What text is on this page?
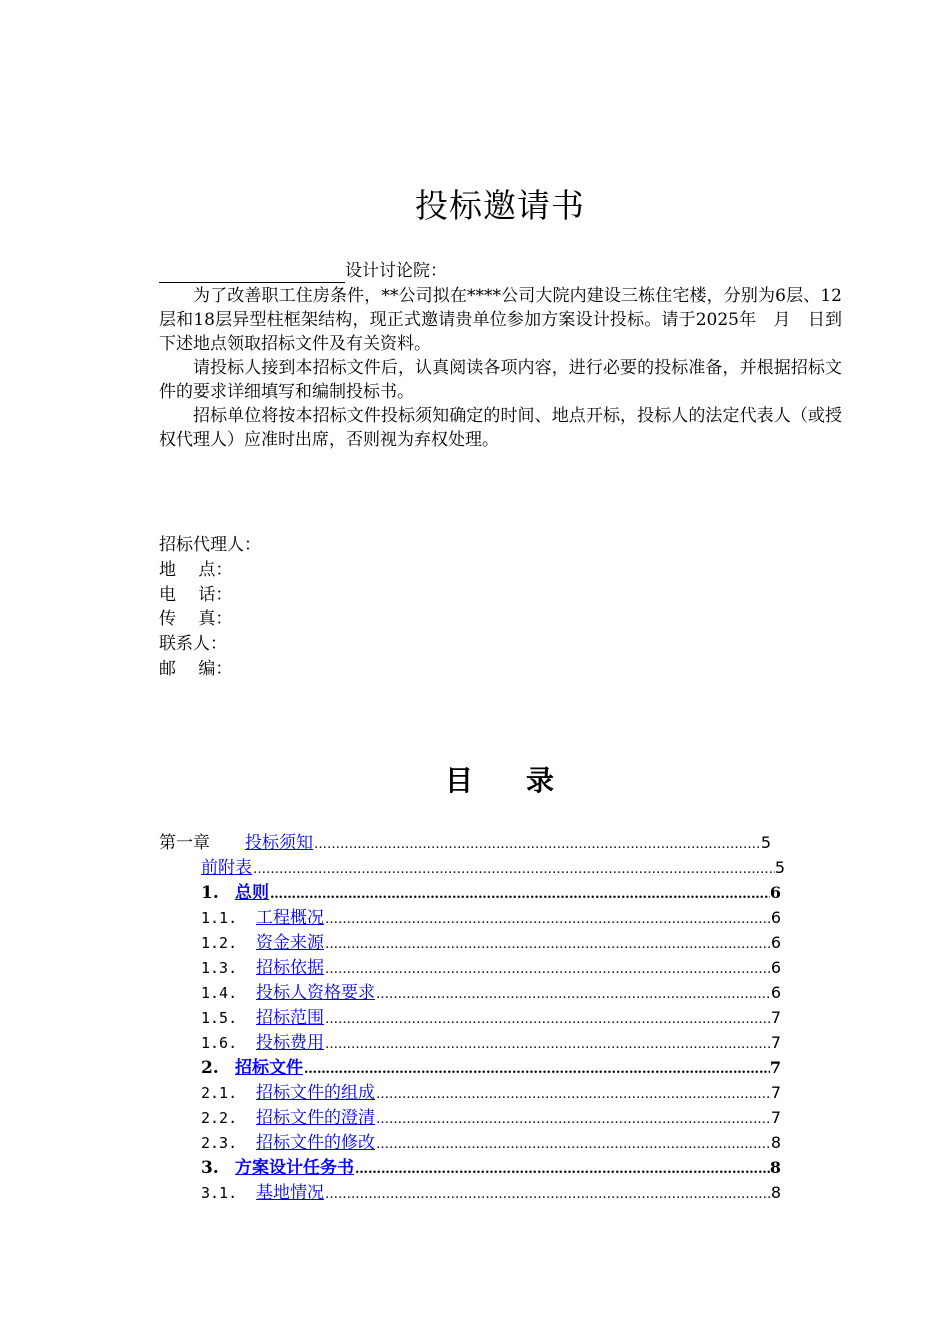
投标邀请书
设计讨论院：

为了改善职工住房条件，**公司拟在****公司大院内建设三栋住宅楼，分别为6层、12层和18层异型柱框架结构，现正式邀请贵单位参加方案设计投标。请于2025年　月　日到下述地点领取招标文件及有关资料。

请投标人接到本招标文件后，认真阅读各项内容，进行必要的投标准备，并根据招标文件的要求详细填写和编制投标书。

招标单位将按本招标文件投标须知确定的时间、地点开标，投标人的法定代表人（或授权代理人）应准时出席，否则视为弃权处理。

招标代理人：
地　 点：
电　 话：
传　 真：
联系人：
邮　 编：
目 录
第一章	投标须知 …………………………………………………………………………………………………………………………………………………………………………………………	5
前附表 …………………………………………………………………………………………………………………………………………………………………………………………	5
1. 总则 …………………………………………………………………………………………………………………………………………………………………………………………	6
1.1.	工程概况 …………………………………………………………………………………………………………………………………………………………………………………………	6
1.2.	资金来源 …………………………………………………………………………………………………………………………………………………………………………………………	6
1.3.	招标依据 …………………………………………………………………………………………………………………………………………………………………………………………	6
1.4.	投标人资格要求 …………………………………………………………………………………………………………………………………………………………………………………………	6
1.5.	招标范围 …………………………………………………………………………………………………………………………………………………………………………………………	7
1.6.	投标费用 …………………………………………………………………………………………………………………………………………………………………………………………	7
2. 招标文件 …………………………………………………………………………………………………………………………………………………………………………………………	7
2.1.	招标文件的组成 …………………………………………………………………………………………………………………………………………………………………………………………	7
2.2.	招标文件的澄清 …………………………………………………………………………………………………………………………………………………………………………………………	7
2.3.	招标文件的修改 …………………………………………………………………………………………………………………………………………………………………………………………	8
3. 方案设计任务书 …………………………………………………………………………………………………………………………………………………………………………………………	8
3.1.	基地情况 …………………………………………………………………………………………………………………………………………………………………………………………	8
